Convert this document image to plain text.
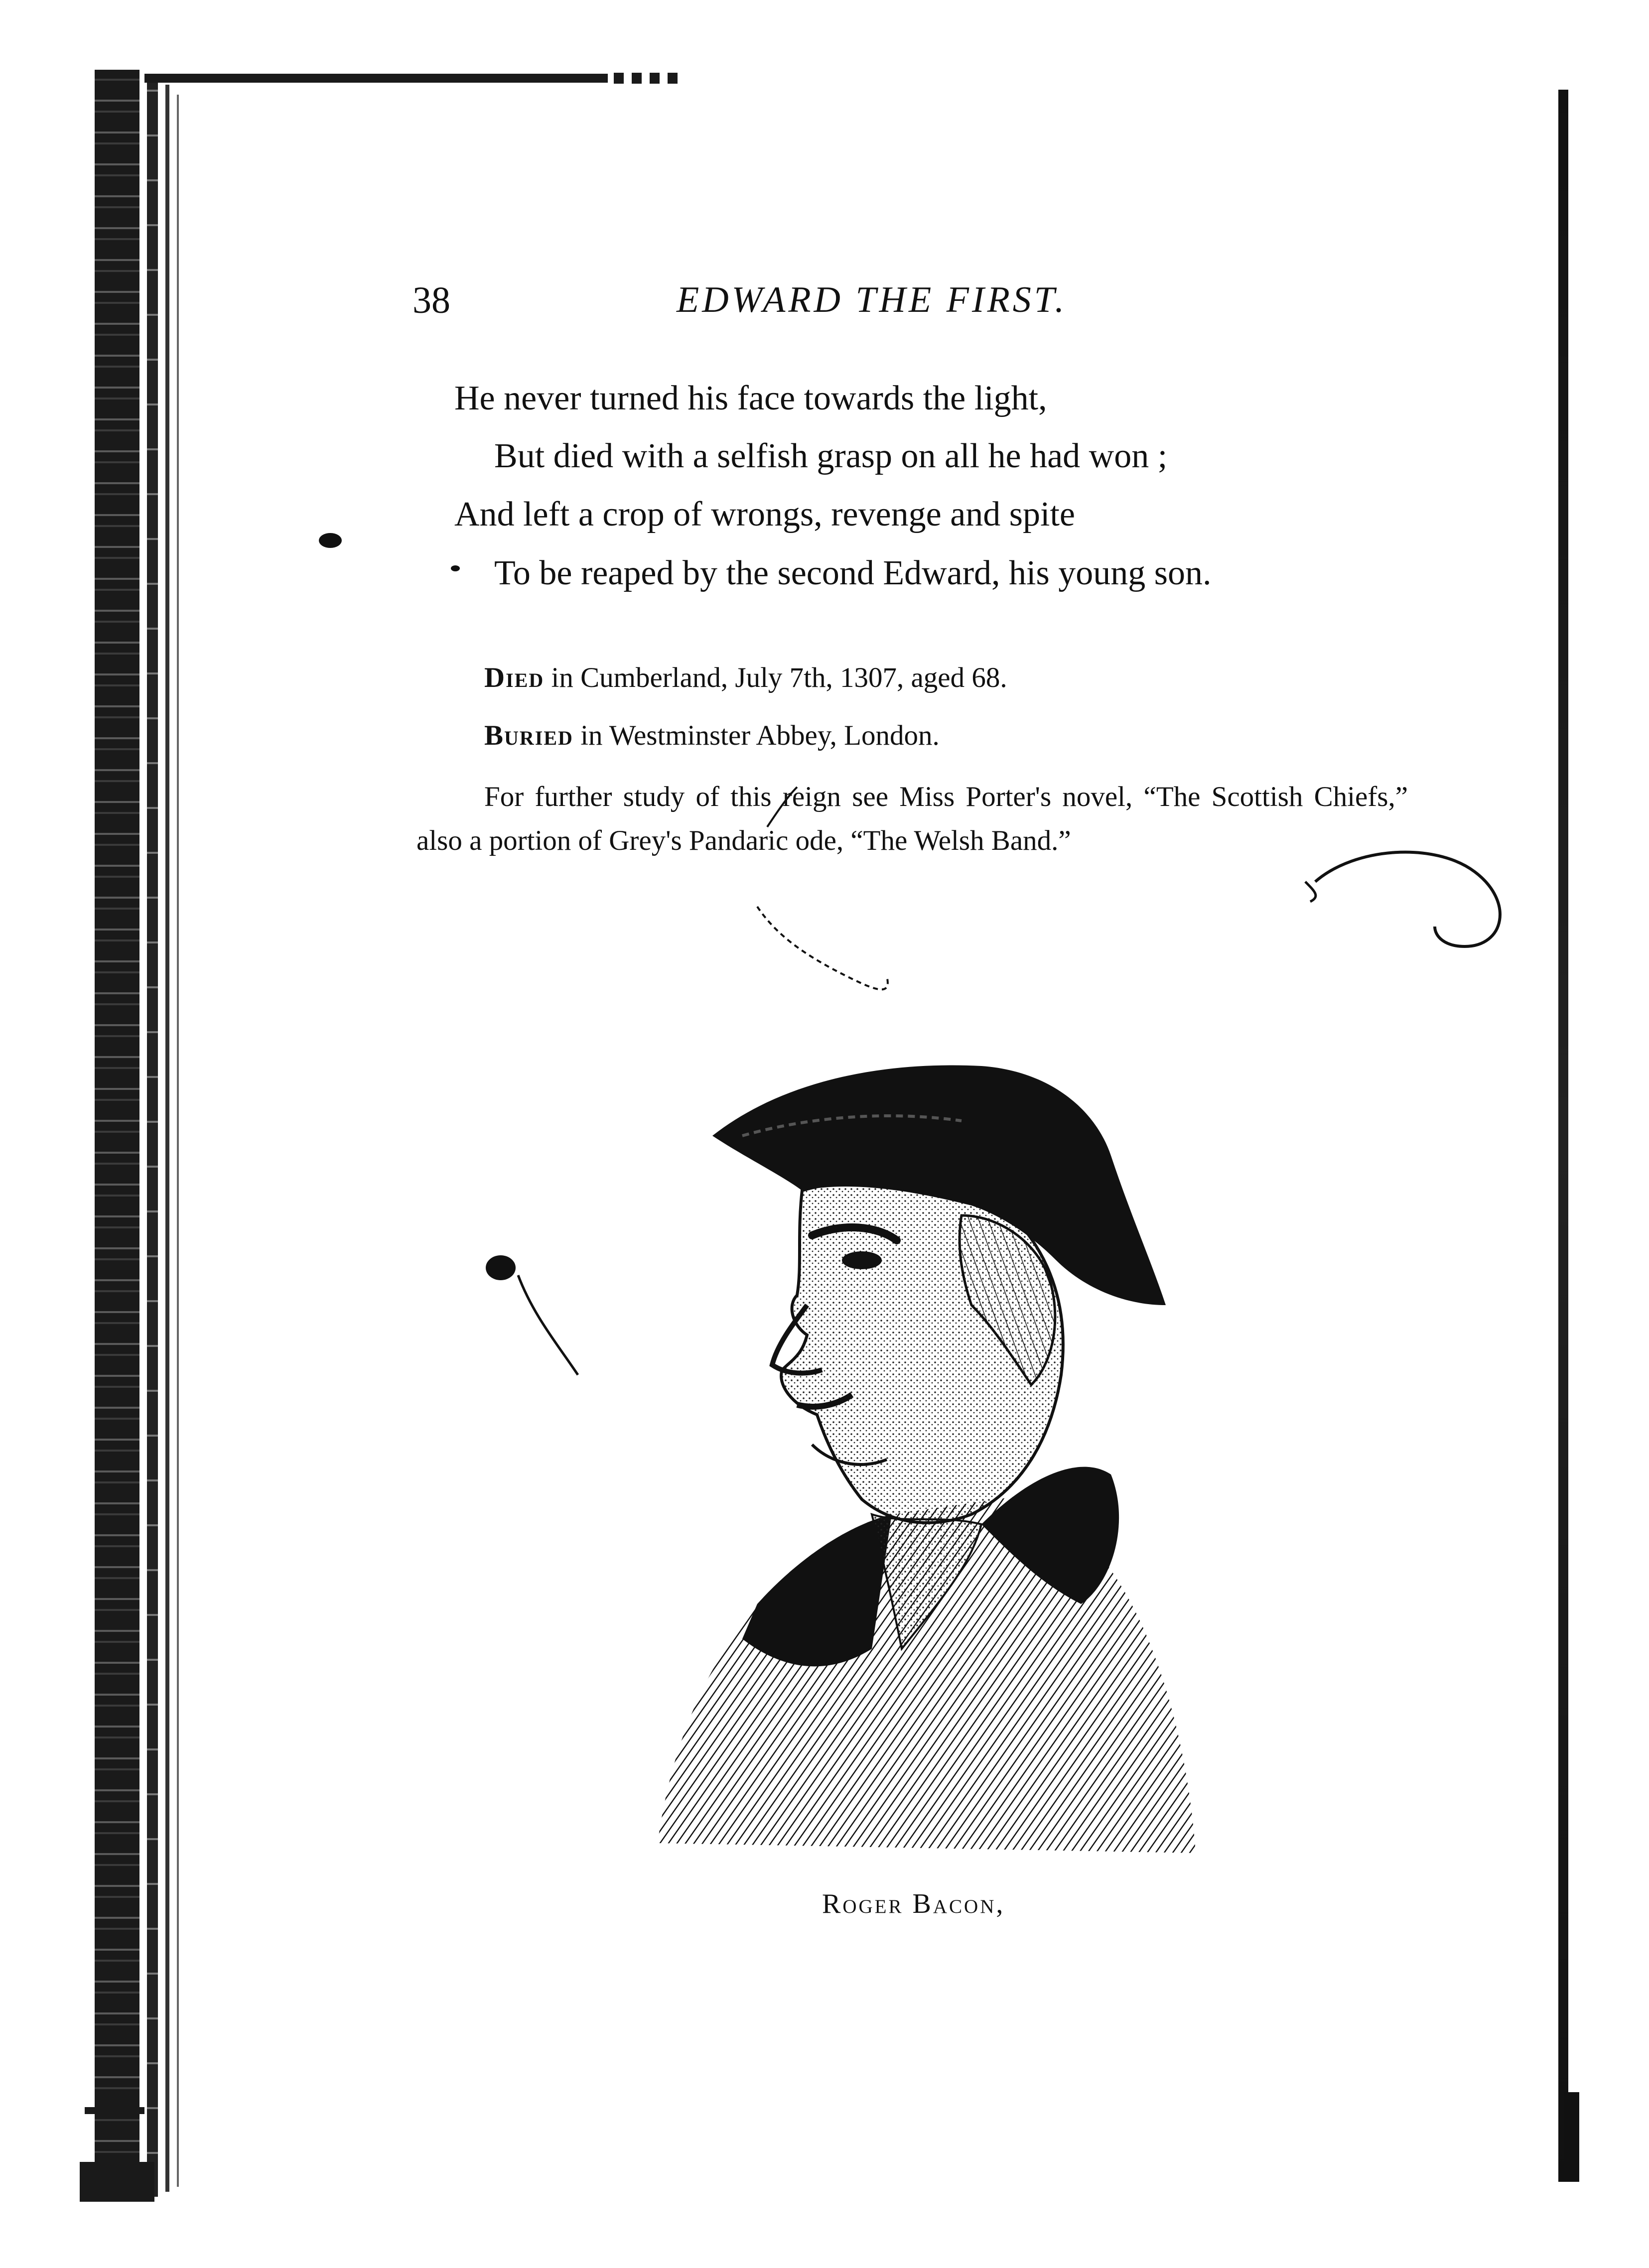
38	EDWARD THE FIRST.
He never turned his face towards the light,
But died with a selfish grasp on all he had won ;
And left a crop of wrongs, revenge and spite
To be reaped by the second Edward, his young son.
Died in Cumberland, July 7th, 1307, aged 68.
Buried in Westminster Abbey, London.
For further study of this reign see Miss Porter's novel, “The Scottish Chiefs,” also a portion of Grey's Pandaric ode, “The Welsh Band.”
Roger Bacon,
